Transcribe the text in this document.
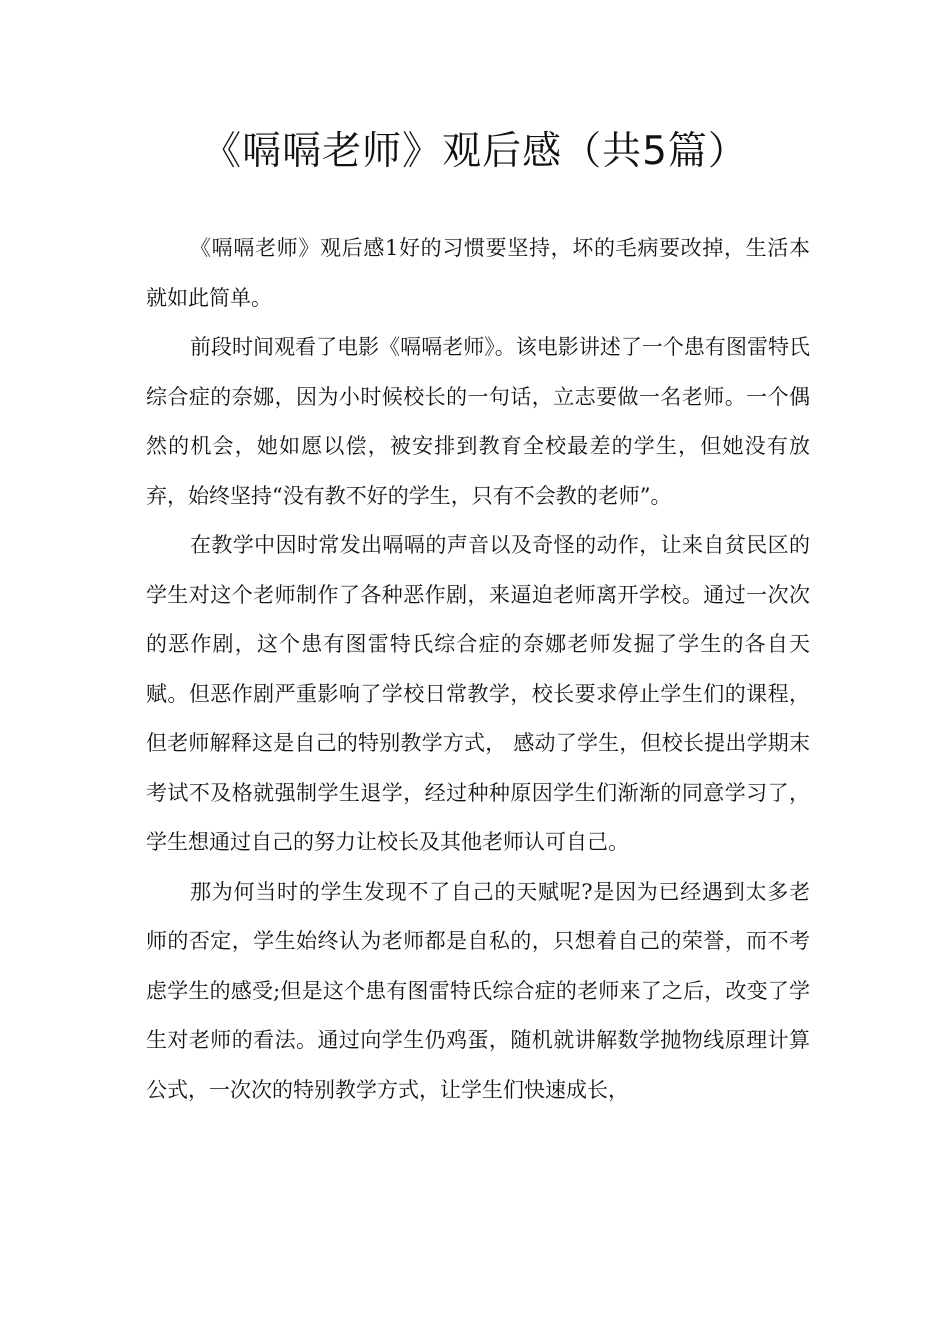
《嗝嗝老师》观后感（共5篇）

《嗝嗝老师》观后感1好的习惯要坚持，坏的毛病要改掉，生活本就如此简单。

前段时间观看了电影《嗝嗝老师》。该电影讲述了一个患有图雷特氏综合症的奈娜，因为小时候校长的一句话，立志要做一名老师。一个偶然的机会，她如愿以偿，被安排到教育全校最差的学生，但她没有放弃，始终坚持“没有教不好的学生，只有不会教的老师”。

在教学中因时常发出嗝嗝的声音以及奇怪的动作，让来自贫民区的学生对这个老师制作了各种恶作剧，来逼迫老师离开学校。通过一次次的恶作剧，这个患有图雷特氏综合症的奈娜老师发掘了学生的各自天赋。但恶作剧严重影响了学校日常教学，校长要求停止学生们的课程，但老师解释这是自己的特别教学方式， 感动了学生，但校长提出学期末考试不及格就强制学生退学，经过种种原因学生们渐渐的同意学习了，学生想通过自己的努力让校长及其他老师认可自己。

那为何当时的学生发现不了自己的天赋呢?是因为已经遇到太多老师的否定，学生始终认为老师都是自私的，只想着自己的荣誉，而不考虑学生的感受;但是这个患有图雷特氏综合症的老师来了之后，改变了学生对老师的看法。通过向学生仍鸡蛋，随机就讲解数学抛物线原理计算公式，一次次的特别教学方式，让学生们快速成长，
